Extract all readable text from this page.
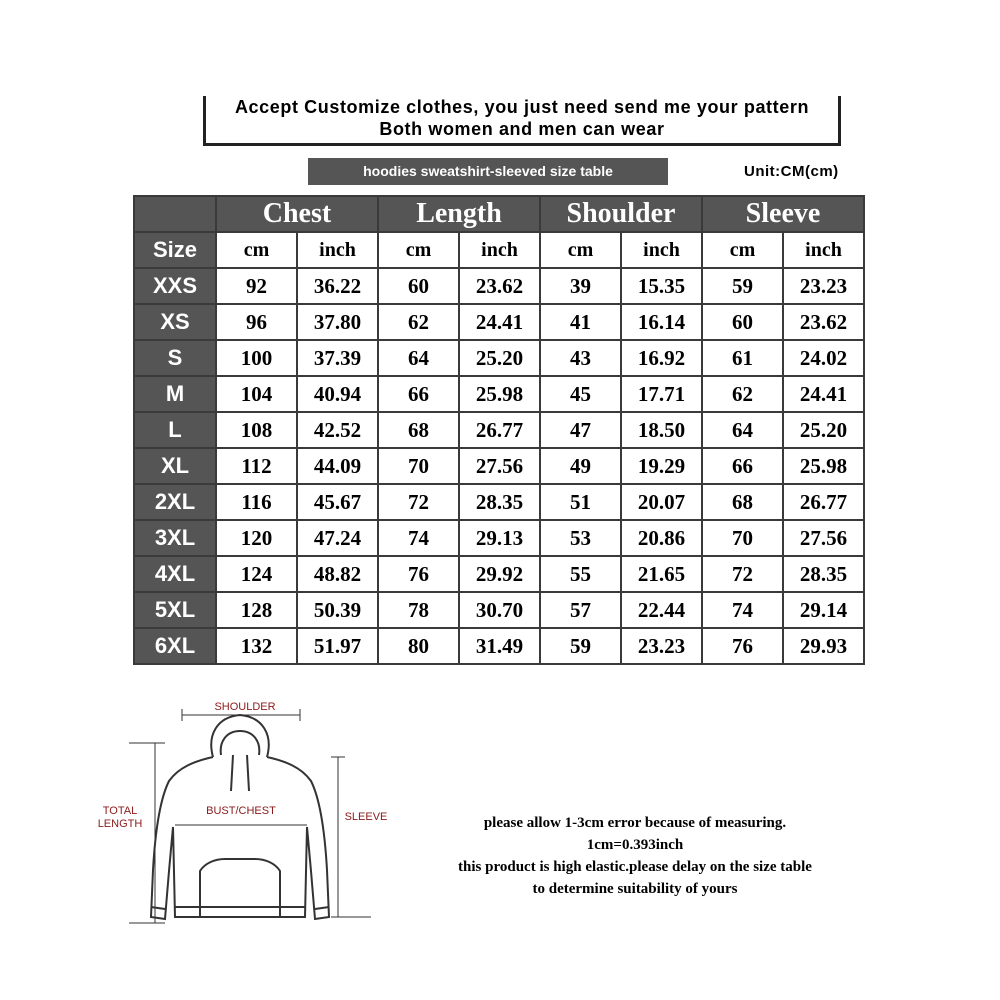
Accept Customize clothes, you just need send me your pattern
Both women and men can wear
hoodies sweatshirt-sleeved size table	Unit:CM(cm)
	Chest		Length		Shoulder		Sleeve	
Size	cm	inch	cm	inch	cm	inch	cm	inch
XXS	92	36.22	60	23.62	39	15.35	59	23.23
XS	96	37.80	62	24.41	41	16.14	60	23.62
S	100	37.39	64	25.20	43	16.92	61	24.02
M	104	40.94	66	25.98	45	17.71	62	24.41
L	108	42.52	68	26.77	47	18.50	64	25.20
XL	112	44.09	70	27.56	49	19.29	66	25.98
2XL	116	45.67	72	28.35	51	20.07	68	26.77
3XL	120	47.24	74	29.13	53	20.86	70	27.56
4XL	124	48.82	76	29.92	55	21.65	72	28.35
5XL	128	50.39	78	30.70	57	22.44	74	29.14
6XL	132	51.97	80	31.49	59	23.23	76	29.93
SHOULDER
TOTAL
LENGTH
BUST/CHEST	SLEEVE	please allow 1-3cm error because of measuring.
1cm=0.393inch
this product is high elastic.please delay on the size table
to determine suitability of yours
